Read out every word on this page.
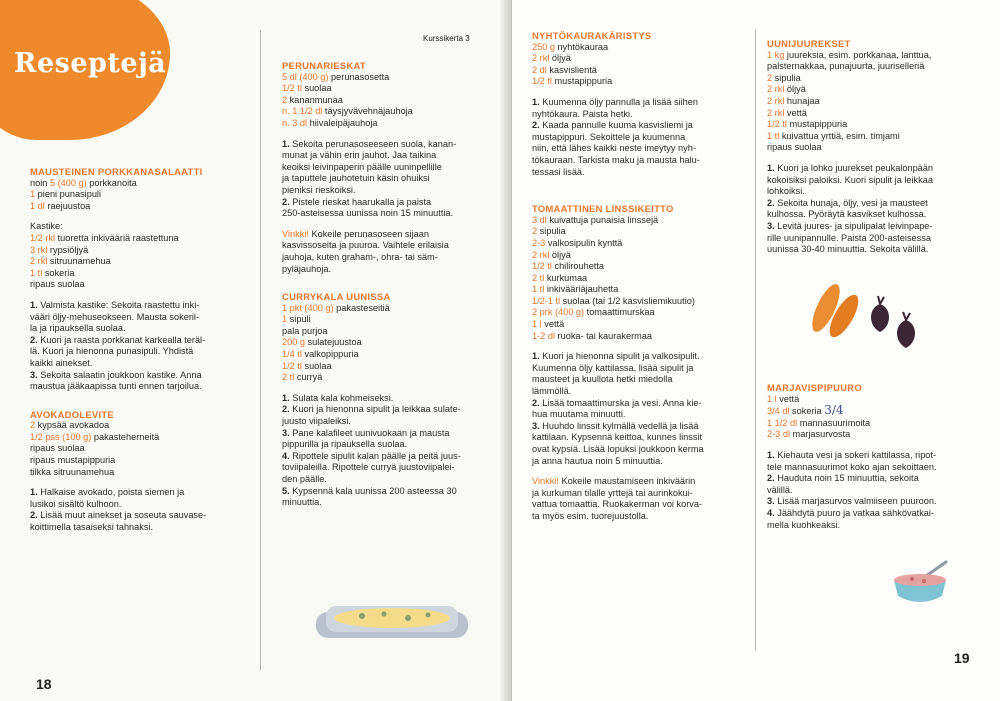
Reseptejä
Kurssikerta 3
18

MAUSTEINEN PORKKANASALAATTI

noin 5 (400 g) porkkanoita

1 pieni punasipuli

1 dl raejuustoa

Kastike:

1/2 rkl tuoretta inkivääriä raastettuna

3 rkl rypsiöljyä

2 rkl sitruunamehua

1 tl sokeria

ripaus suolaa

1. Valmista kastike: Sekoita raastettu inki-

vääri öljy-mehuseokseen. Mausta sokeril-

la ja ripauksella suolaa.

2. Kuori ja raasta porkkanat karkealla teräl-

lä. Kuori ja hienonna punasipuli. Yhdistä

kaikki ainekset.

3. Sekoita salaatin joukkoon kastike. Anna

maustua jääkaapissa tunti ennen tarjoilua.

AVOKADOLEVITE

2 kypsää avokadoa

1/2 pss (100 g) pakasteherneitä

ripaus suolaa

ripaus mustapippuria

tilkka sitruunamehua

1. Halkaise avokado, poista siemen ja

lusikoi sisältö kulhoon.

2. Lisää muut ainekset ja soseuta sauvase-

koittimella tasaiseksi tahnaksi.

PERUNARIESKAT

5 dl (400 g) perunasosetta

1/2 tl suolaa

2 kananmunaa

n. 1 1/2 dl täysjyvävehnäjauhoja

n. 3 dl hiivaleipäjauhoja

1. Sekoita perunasoseeseen suola, kanan-

munat ja vähin erin jauhot. Jaa taikina

keoiksi leivinpaperin päälle uuninpellille

ja taputtele jauhotetuin käsin ohuiksi

pieniksi rieskoiksi.

2. Pistele rieskat haarukalla ja paista

250-asteisessa uunissa noin 15 minuuttia.

Vinkki! Kokeile perunasoseen sijaan

kasvissoseita ja puuroa. Vaihtele erilaisia

jauhoja, kuten graham-, ohra- tai säm-

pyläjauhoja.

CURRYKALA UUNISSA

1 pkt (400 g) pakasteseitiä

1 sipuli

pala purjoa

200 g sulatejuustoa

1/4 tl valkopippuria

1/2 tl suolaa

2 tl curryä

1. Sulata kala kohmeiseksi.

2. Kuori ja hienonna sipulit ja leikkaa sulate-

juusto viipaleiksi.

3. Pane kalafileet uunivuokaan ja mausta

pippurilla ja ripauksella suolaa.

4. Ripottele sipulit kalan päälle ja peitä juus-

toviipaleilla. Ripottele curryä juustoviipalei-

den päälle.

5. Kypsennä kala uunissa 200 asteessa 30

minuuttia.

19

NYHTÖKAURAKÄRISTYS

250 g nyhtökauraa

2 rkl öljyä

2 dl kasvislientä

1/2 tl mustapippuria

1. Kuumenna öljy pannulla ja lisää siihen

nyhtökaura. Paista hetki.

2. Kaada pannulle kuuma kasvisliemi ja

mustapippuri. Sekoittele ja kuumenna

niin, että lähes kaikki neste imeytyy nyh-

tökauraan. Tarkista maku ja mausta halu-

tessasi lisää.

TOMAATTINEN LINSSIKEITTO

3 dl kuivattuja punaisia linssejä

2 sipulia

2-3 valkosipulin kynttä

2 rkl öljyä

1/2 tl chilirouhetta

2 tl kurkumaa

1 tl inkivääriäjauhetta

1/2-1 tl suolaa (tai 1/2 kasvisliemikuutio)

2 prk (400 g) tomaattimurskaa

1 l vettä

1-2 dl ruoka- tai kaurakermaa

1. Kuori ja hienonna sipulit ja valkosipulit.

Kuumenna öljy kattilassa, lisää sipulit ja

mausteet ja kuullota hetki miedolla

lämmöllä.

2. Lisää tomaattimurska ja vesi. Anna kie-

hua muutama minuutti.

3. Huuhdo linssit kylmällä vedellä ja lisää

kattilaan. Kypsennä keittoa, kunnes linssit

ovat kypsiä. Lisää lopuksi joukkoon kerma

ja anna hautua noin 5 minuuttia.

Vinkki! Kokeile maustamiseen inkiväärin

ja kurkuman tilalle yrttejä tai aurinkokui-

vattua tomaattia. Ruokakerman voi korva-

ta myös esim. tuorejuustolla.

UUNIJUUREKSET

1 kg juureksia, esim. porkkanaa, lanttua,

palsternakkaa, punajuurta, juuriselleriä

2 sipulia

2 rkl öljyä

2 rkl hunajaa

2 rkl vettä

1/2 tl mustapippuria

1 tl kuivattua yrttiä, esim. timjami

ripaus suolaa

1. Kuori ja lohko juurekset peukalonpään

kokoisiksi paloiksi. Kuori sipulit ja leikkaa

lohkoiksi.

2. Sekoita hunaja, öljy, vesi ja mausteet

kulhossa. Pyöräytä kasvikset kulhossa.

3. Levitä juures- ja sipulipalat leivinpape-

rille uunipannulle. Paista 200-asteisessa

uunissa 30-40 minuuttia. Sekoita välillä.

MARJAVISPIPUURO

1 l vettä

3/4 dl sokeria 3/4

1 1/2 dl mannasuurimoita

2-3 dl marjasurvosta

1. Kiehauta vesi ja sokeri kattilassa, ripot-

tele mannasuurimot koko ajan sekoittaen.

2. Hauduta noin 15 minuuttia, sekoita

välillä.

3. Lisää marjasurvos valmiiseen puuroon.

4. Jäähdytä puuro ja vatkaa sähkövatkai-

mella kuohkeaksi.
